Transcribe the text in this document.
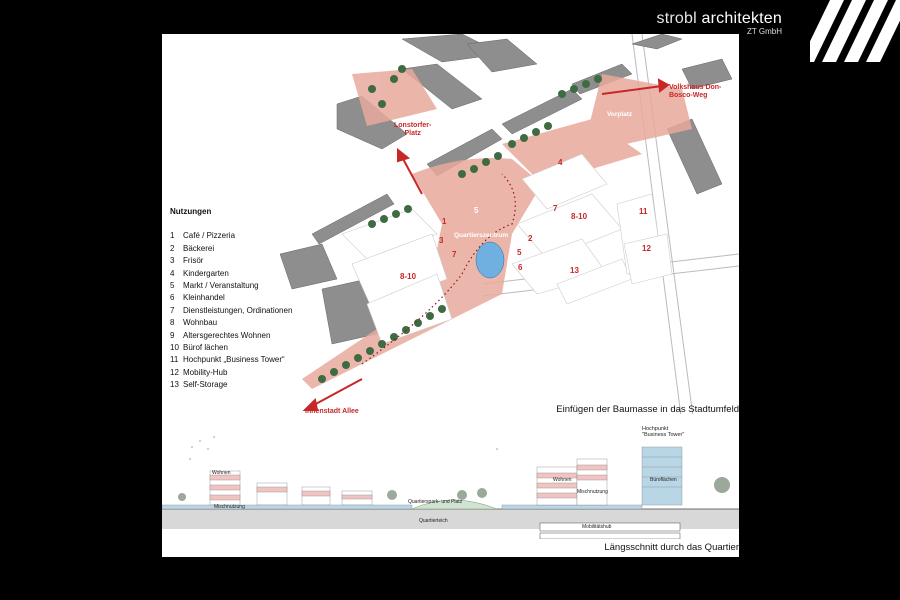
strobl architekten
ZT GmbH
Lonstorfer-
Platz
Volkshaus Don-
Bosco-Weg
Vorplatz
Quartierszentrum
Innenstadt Allee
1
2
3
4
5
5
6
7
7
8-10
8-10
11
12
13
Nutzungen
1 Café / Pizzeria
2 Bäckerei
3 Frisör
4 Kindergarten
5 Markt / Veranstaltung
6 Kleinhandel
7 Dienstleistungen, Ordinationen
8 Wohnbau
9 Altersgerechtes Wohnen
10 Bürof lächen
11 Hochpunkt „Business Tower“
12 Mobility-Hub
13 Self-Storage
Einfügen der Baumasse in das Stadtumfeld
Längsschnitt durch das Quartier
Wohnen
Mischnutzung
Quartierspark- und Platz
Quartierteich
Wohnen
Mischnutzung
Büroflächen
Mobilitätshub
Hochpunkt
"Business Tower"
